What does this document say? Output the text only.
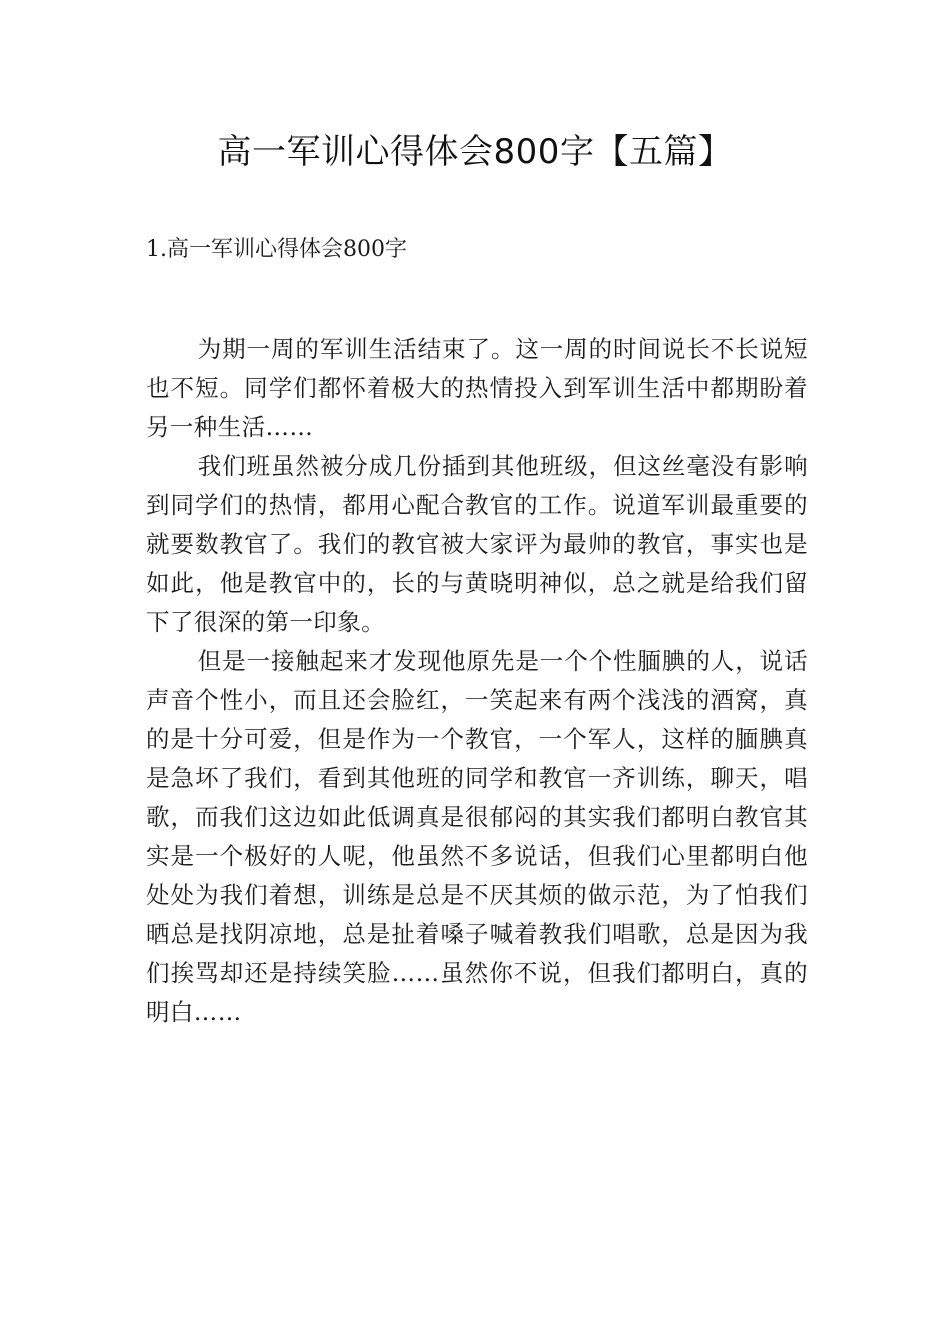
高一军训心得体会800字【五篇】
1.高一军训心得体会800字

为期一周的军训生活结束了。这一周的时间说长不长说短也不短。同学们都怀着极大的热情投入到军训生活中都期盼着另一种生活……

我们班虽然被分成几份插到其他班级，但这丝毫没有影响到同学们的热情，都用心配合教官的工作。说道军训最重要的就要数教官了。我们的教官被大家评为最帅的教官，事实也是如此，他是教官中的，长的与黄晓明神似，总之就是给我们留下了很深的第一印象。

但是一接触起来才发现他原先是一个个性腼腆的人，说话声音个性小，而且还会脸红，一笑起来有两个浅浅的酒窝，真的是十分可爱，但是作为一个教官，一个军人，这样的腼腆真是急坏了我们，看到其他班的同学和教官一齐训练，聊天，唱歌，而我们这边如此低调真是很郁闷的其实我们都明白教官其实是一个极好的人呢，他虽然不多说话，但我们心里都明白他处处为我们着想，训练是总是不厌其烦的做示范，为了怕我们晒总是找阴凉地，总是扯着嗓子喊着教我们唱歌，总是因为我们挨骂却还是持续笑脸……虽然你不说，但我们都明白，真的明白……
